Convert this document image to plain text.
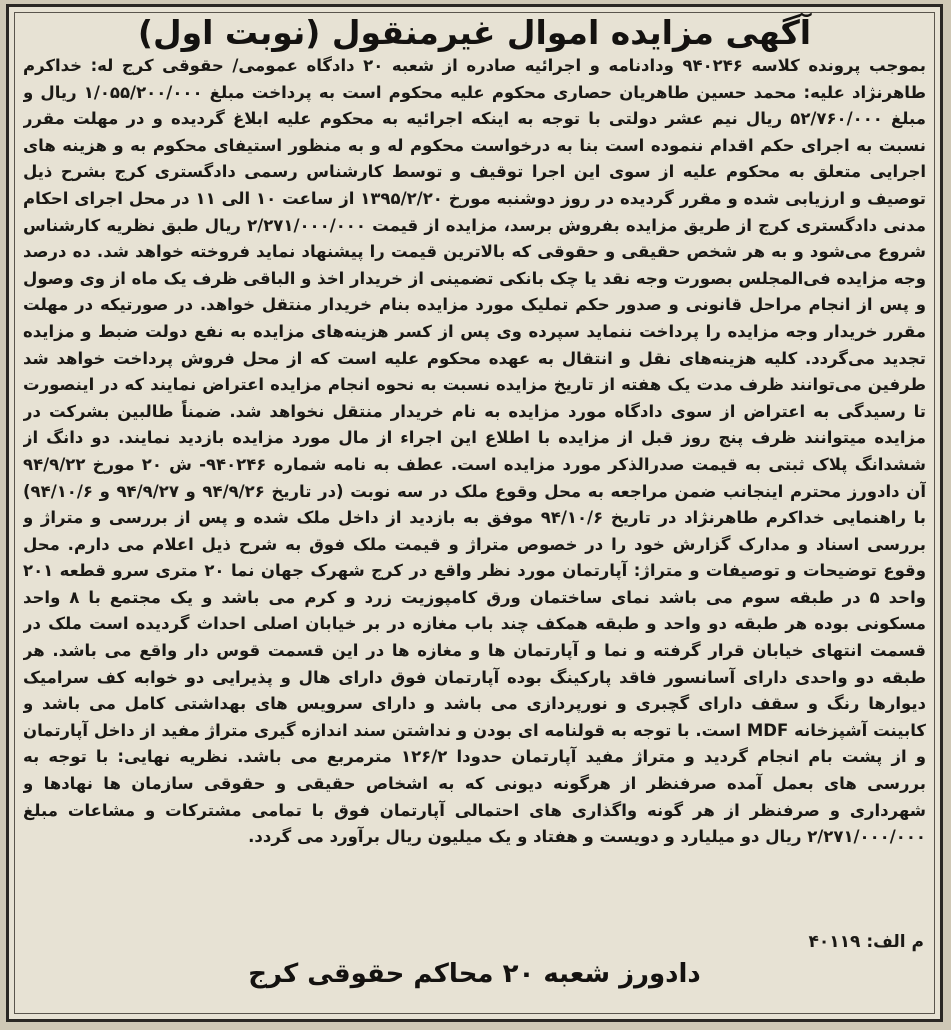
آگهی مزایده اموال غیرمنقول (نوبت اول)
بموجب پرونده کلاسه ۹۴۰۲۴۶ ودادنامه و اجرائیه صادره از شعبه ۲۰ دادگاه عمومی/ حقوقی کرج له: خداکرم طاهرنژاد علیه: محمد حسین طاهریان حصاری محکوم علیه محکوم است به پرداخت مبلغ ۱/۰۵۵/۲۰۰/۰۰۰ ریال و مبلغ ۵۲/۷۶۰/۰۰۰ ریال نیم عشر دولتی با توجه به اینکه اجرائیه به محکوم علیه ابلاغ گردیده و در مهلت مقرر نسبت به اجرای حکم اقدام ننموده است بنا به درخواست محکوم له و به منظور استیفای محکوم به و هزینه های اجرایی متعلق به محکوم علیه از سوی این اجرا توقیف و توسط کارشناس رسمی دادگستری کرج بشرح ذیل توصیف و ارزیابی شده و مقرر گردیده در روز دوشنبه مورخ ۱۳۹۵/۲/۲۰ از ساعت ۱۰ الی ۱۱ در محل اجرای احکام مدنی دادگستری کرج از طریق مزایده بفروش برسد، مزایده از قیمت ۲/۲۷۱/۰۰۰/۰۰۰ ریال طبق نظریه کارشناس شروع می‌شود و به هر شخص حقیقی و حقوقی که بالاترین قیمت را پیشنهاد نماید فروخته خواهد شد. ده درصد وجه مزایده فی‌المجلس بصورت وجه نقد یا چک بانکی تضمینی از خریدار اخذ و الباقی ظرف یک ماه از وی وصول و پس از انجام مراحل قانونی و صدور حکم تملیک مورد مزایده بنام خریدار منتقل خواهد. در صورتیکه در مهلت مقرر خریدار وجه مزایده را پرداخت ننماید سپرده وی پس از کسر هزینه‌های مزایده به نفع دولت ضبط و مزایده تجدید می‌گردد. کلیه هزینه‌های نقل و انتقال به عهده محکوم علیه است که از محل فروش پرداخت خواهد شد طرفین می‌توانند ظرف مدت یک هفته از تاریخ مزایده نسبت به نحوه انجام مزایده اعتراض نمایند که در اینصورت تا رسیدگی به اعتراض از سوی دادگاه مورد مزایده به نام خریدار منتقل نخواهد شد. ضمناً طالبین بشرکت در مزایده میتوانند ظرف پنج روز قبل از مزایده با اطلاع این اجراء از مال مورد مزایده بازدید نمایند. دو دانگ از ششدانگ پلاک ثبتی به قیمت صدرالذکر مورد مزایده است. عطف به نامه شماره ۹۴۰۲۴۶- ش ۲۰ مورخ ۹۴/۹/۲۲ آن دادورز محترم اینجانب ضمن مراجعه به محل وقوع ملک در سه نوبت (در تاریخ ۹۴/۹/۲۶ و ۹۴/۹/۲۷ و ۹۴/۱۰/۶) با راهنمایی خداکرم طاهرنژاد در تاریخ ۹۴/۱۰/۶ موفق به بازدید از داخل ملک شده و پس از بررسی و متراژ و بررسی اسناد و مدارک گزارش خود را در خصوص متراژ و قیمت ملک فوق به شرح ذیل اعلام می دارم. محل وقوع توضیحات و توصیفات و متراژ: آپارتمان مورد نظر واقع در کرج شهرک جهان نما ۲۰ متری سرو قطعه ۲۰۱ واحد ۵ در طبقه سوم می باشد نمای ساختمان ورق کامپوزیت زرد و کرم می باشد و یک مجتمع با ۸ واحد مسکونی بوده هر طبقه دو واحد و طبقه همکف چند باب مغازه در بر خیابان اصلی احداث گردیده است ملک در قسمت انتهای خیابان قرار گرفته و نما و آپارتمان ها و مغازه ها در این قسمت قوس دار واقع می باشد. هر طبقه دو واحدی دارای آسانسور فاقد پارکینگ بوده آپارتمان فوق دارای هال و پذیرایی دو خوابه کف سرامیک دیوارها رنگ و سقف دارای گچبری و نورپردازی می باشد و دارای سرویس های بهداشتی کامل می باشد و کابینت آشپزخانه MDF است. با توجه به قولنامه ای بودن و نداشتن سند اندازه گیری متراژ مفید از داخل آپارتمان و از پشت بام انجام گردید و متراژ مفید آپارتمان حدودا ۱۲۶/۲ مترمربع می باشد. نظریه نهایی: با توجه به بررسی های بعمل آمده صرفنظر از هرگونه دیونی که به اشخاص حقیقی و حقوقی سازمان ها نهادها و شهرداری و صرفنظر از هر گونه واگذاری های احتمالی آپارتمان فوق با تمامی مشترکات و مشاعات مبلغ ۲/۲۷۱/۰۰۰/۰۰۰ ریال دو میلیارد و دویست و هفتاد و یک میلیون ریال برآورد می گردد.
م الف: ۴۰۱۱۹
دادورز شعبه ۲۰ محاکم حقوقی کرج
